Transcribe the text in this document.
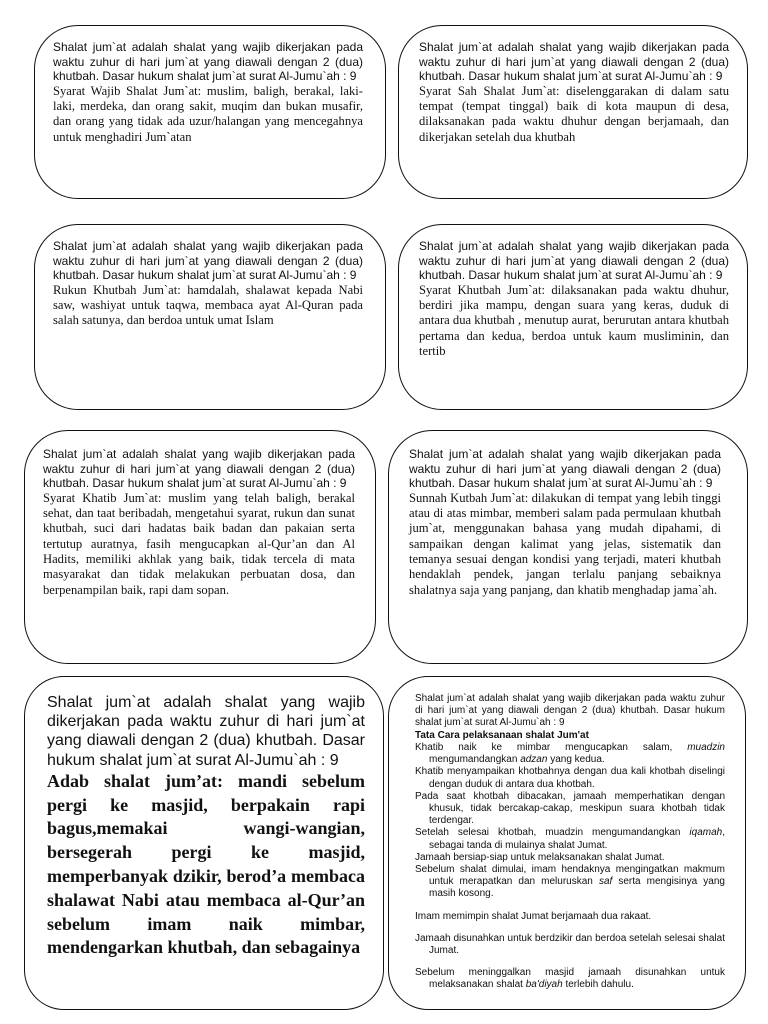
Shalat jum`at adalah shalat yang wajib dikerjakan pada waktu zuhur di hari jum`at yang diawali dengan 2 (dua) khutbah. Dasar hukum shalat jum`at surat Al-Jumu`ah : 9

Syarat Wajib Shalat Jum`at: muslim, baligh, berakal, laki-laki, merdeka, dan orang sakit, muqim dan bukan musafir, dan orang yang tidak ada uzur/halangan yang mencegahnya untuk menghadiri Jum`atan

Shalat jum`at adalah shalat yang wajib dikerjakan pada waktu zuhur di hari jum`at yang diawali dengan 2 (dua) khutbah. Dasar hukum shalat jum`at surat Al-Jumu`ah : 9

Syarat Sah Shalat Jum`at: diselenggarakan di dalam satu tempat (tempat tinggal) baik di kota maupun di desa, dilaksanakan pada waktu dhuhur dengan berjamaah, dan dikerjakan setelah dua khutbah

Shalat jum`at adalah shalat yang wajib dikerjakan pada waktu zuhur di hari jum`at yang diawali dengan 2 (dua) khutbah. Dasar hukum shalat jum`at surat Al-Jumu`ah : 9

Rukun Khutbah Jum`at: hamdalah, shalawat kepada Nabi saw, washiyat untuk taqwa, membaca ayat Al-Quran pada salah satunya, dan berdoa untuk umat Islam

Shalat jum`at adalah shalat yang wajib dikerjakan pada waktu zuhur di hari jum`at yang diawali dengan 2 (dua) khutbah. Dasar hukum shalat jum`at surat Al-Jumu`ah : 9

Syarat Khutbah Jum`at: dilaksanakan pada waktu dhuhur, berdiri jika mampu, dengan suara yang keras, duduk di antara dua khutbah , menutup aurat, berurutan antara khutbah pertama dan kedua, berdoa untuk kaum musliminin, dan tertib

Shalat jum`at adalah shalat yang wajib dikerjakan pada waktu zuhur di hari jum`at yang diawali dengan 2 (dua) khutbah. Dasar hukum shalat jum`at surat Al-Jumu`ah : 9

Syarat Khatib Jum`at: muslim yang telah baligh, berakal sehat, dan taat beribadah, mengetahui syarat, rukun dan sunat khutbah, suci dari hadatas baik badan dan pakaian serta tertutup auratnya, fasih mengucapkan al-Qur’an dan Al Hadits, memiliki akhlak yang baik, tidak tercela di mata masyarakat dan tidak melakukan perbuatan dosa, dan berpenampilan baik, rapi dam sopan.

Shalat jum`at adalah shalat yang wajib dikerjakan pada waktu zuhur di hari jum`at yang diawali dengan 2 (dua) khutbah. Dasar hukum shalat jum`at surat Al-Jumu`ah : 9

Sunnah Kutbah Jum`at: dilakukan di tempat yang lebih tinggi atau di atas mimbar, memberi salam pada permulaan khutbah jum`at, menggunakan bahasa yang mudah dipahami, di sampaikan dengan kalimat yang jelas, sistematik dan temanya sesuai dengan kondisi yang terjadi, materi khutbah hendaklah pendek, jangan terlalu panjang sebaiknya shalatnya saja yang panjang, dan khatib menghadap jama`ah.

Shalat jum`at adalah shalat yang wajib dikerjakan pada waktu zuhur di hari jum`at yang diawali dengan 2 (dua) khutbah. Dasar hukum shalat jum`at surat Al-Jumu`ah : 9

Adab shalat jum’at: mandi sebelum pergi ke masjid, berpakain rapi bagus,memakai wangi-wangian, bersegerah pergi ke masjid, memperbanyak dzikir, berod’a membaca shalawat Nabi atau membaca al-Qur’an sebelum imam naik mimbar, mendengarkan khutbah, dan sebagainya

Shalat jum`at adalah shalat yang wajib dikerjakan pada waktu zuhur di hari jum`at yang diawali dengan 2 (dua) khutbah. Dasar hukum shalat jum`at surat Al-Jumu`ah : 9

Tata Cara pelaksanaan shalat Jum'at

Khatib naik ke mimbar mengucapkan salam, muadzin mengumandangkan adzan yang kedua.

Khatib menyampaikan khotbahnya dengan dua kali khotbah diselingi dengan duduk di antara dua khotbah.

Pada saat khotbah dibacakan, jamaah memperhatikan dengan khusuk, tidak bercakap-cakap, meskipun suara khotbah tidak terdengar.

Setelah selesai khotbah, muadzin mengumandangkan iqamah, sebagai tanda di mulainya shalat Jumat.

Jamaah bersiap-siap untuk melaksanakan shalat Jumat.

Sebelum shalat dimulai, imam hendaknya mengingatkan makmum untuk merapatkan dan meluruskan saf serta mengisinya yang masih kosong.

Imam memimpin shalat Jumat berjamaah dua rakaat.

Jamaah disunahkan untuk berdzikir dan berdoa setelah selesai shalat Jumat.

Sebelum meninggalkan masjid jamaah disunahkan untuk melaksanakan shalat ba'diyah terlebih dahulu.
